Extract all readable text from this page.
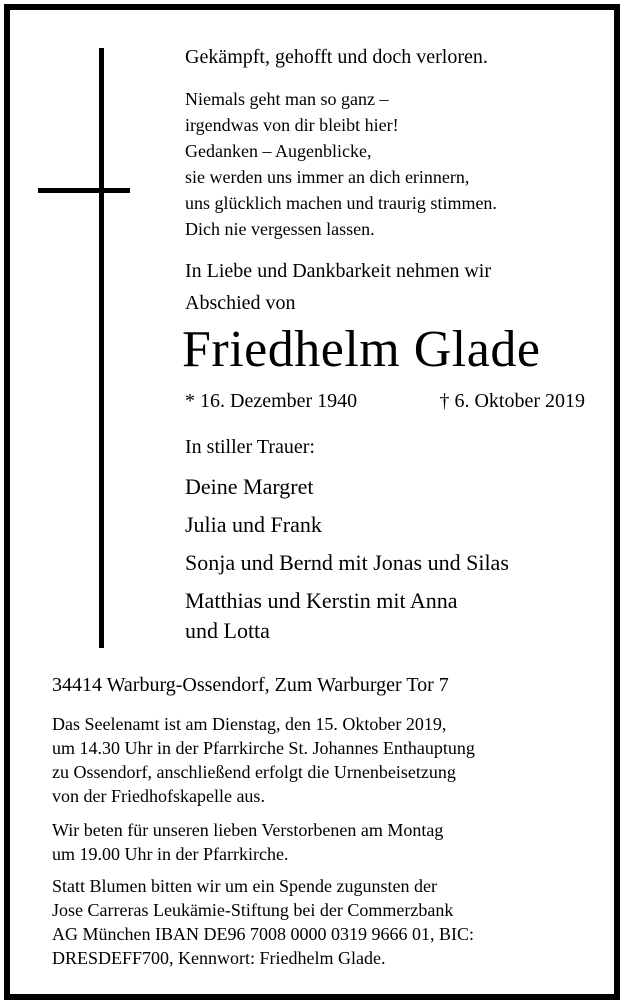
Gekämpft, gehofft und doch verloren.
Niemals geht man so ganz –
irgendwas von dir bleibt hier!
Gedanken – Augenblicke,
sie werden uns immer an dich erinnern,
uns glücklich machen und traurig stimmen.
Dich nie vergessen lassen.
In Liebe und Dankbarkeit nehmen wir
Abschied von
Friedhelm Glade
* 16. Dezember 1940	† 6. Oktober 2019
In stiller Trauer:
Deine Margret
Julia und Frank
Sonja und Bernd mit Jonas und Silas
Matthias und Kerstin mit Anna
und Lotta
34414 Warburg-Ossendorf, Zum Warburger Tor 7
Das Seelenamt ist am Dienstag, den 15. Oktober 2019,
um 14.30 Uhr in der Pfarrkirche St. Johannes Enthauptung
zu Ossendorf, anschließend erfolgt die Urnenbeisetzung
von der Friedhofskapelle aus.
Wir beten für unseren lieben Verstorbenen am Montag
um 19.00 Uhr in der Pfarrkirche.
Statt Blumen bitten wir um ein Spende zugunsten der
Jose Carreras Leukämie-Stiftung bei der Commerzbank
AG München IBAN DE96 7008 0000 0319 9666 01, BIC:
DRESDEFF700, Kennwort: Friedhelm Glade.
